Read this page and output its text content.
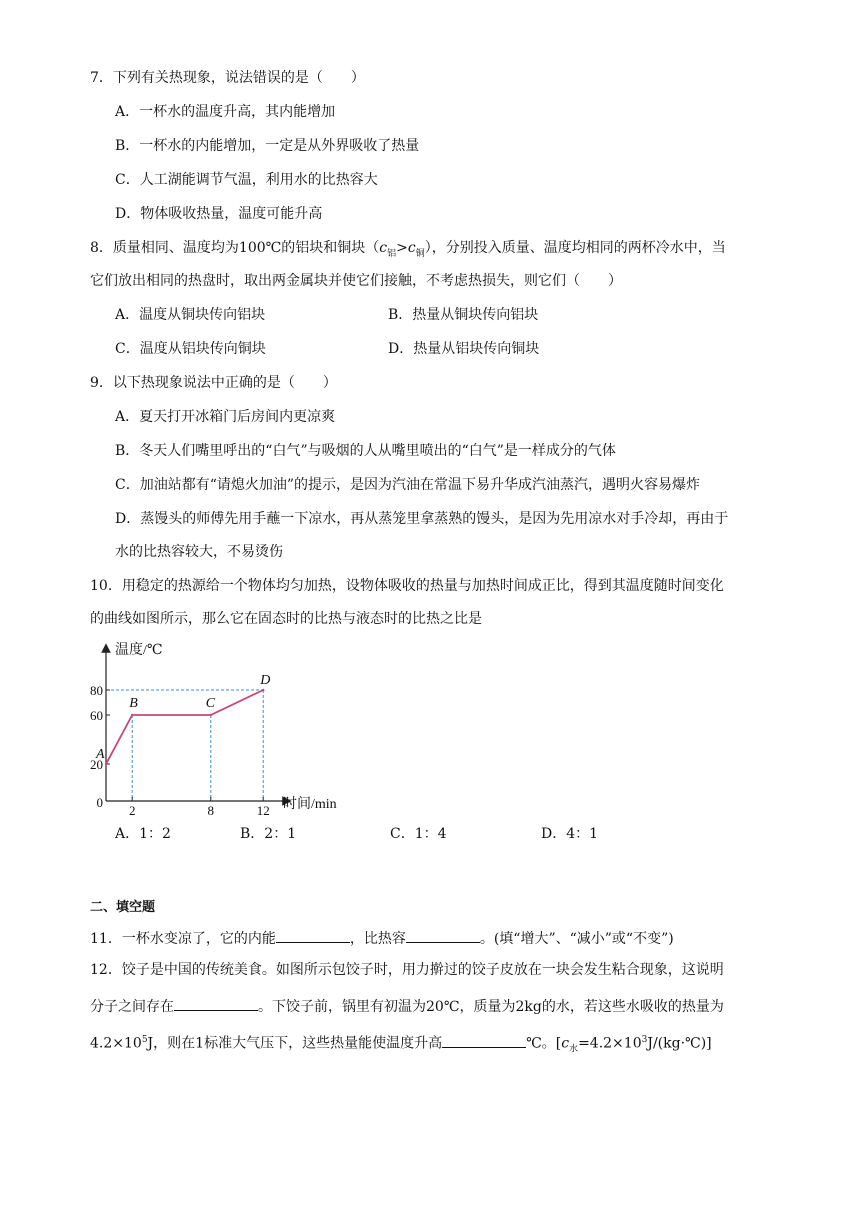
7．下列有关热现象，说法错误的是（　　）
A．一杯水的温度升高，其内能增加
B．一杯水的内能增加，一定是从外界吸收了热量
C．人工湖能调节气温，利用水的比热容大
D．物体吸收热量，温度可能升高
8．质量相同、温度均为100℃的铝块和铜块$(c_铝>c_铜)$，分别投入质量、温度均相同的两杯冷水中，当
它们放出相同的热盘时，取出两金属块并使它们接触，不考虑热损失，则它们（　　）
A．温度从铜块传向铝块	B．热量从铜块传向铝块
C．温度从铝块传向铜块	D．热量从铝块传向铜块
9．以下热现象说法中正确的是（　　）
A．夏天打开冰箱门后房间内更凉爽
B．冬天人们嘴里呼出的“白气”与吸烟的人从嘴里喷出的“白气”是一样成分的气体
C．加油站都有“请熄火加油”的提示，是因为汽油在常温下易升华成汽油蒸汽，遇明火容易爆炸
D．蒸馒头的师傅先用手蘸一下凉水，再从蒸笼里拿蒸熟的馒头，是因为先用凉水对手冷却，再由于
水的比热容较大，不易烫伤
10．用稳定的热源给一个物体均匀加热，设物体吸收的热量与加热时间成正比，得到其温度随时间变化
的曲线如图所示，那么它在固态时的比热与液态时的比热之比是
温度/℃
时间/min
0
20
60
80
2	8	12
A
B	C
D
A．1：2	B．2：1	C．1：4	D．4：1
二、填空题
11．一杯水变凉了，它的内能	，比热容	。(填“增大”、“减小”或“不变”)
12．饺子是中国的传统美食。如图所示包饺子时，用力擀过的饺子皮放在一块会发生粘合现象，这说明
分子之间存在	。下饺子前，锅里有初温为20℃，质量为2kg的水，若这些水吸收的热量为
$4.2\times 10^5J$，则在1标准大气压下，这些热量能使温度升高	℃。$[c_水=4.2\times 10^3J/(kg\cdot℃)]$
